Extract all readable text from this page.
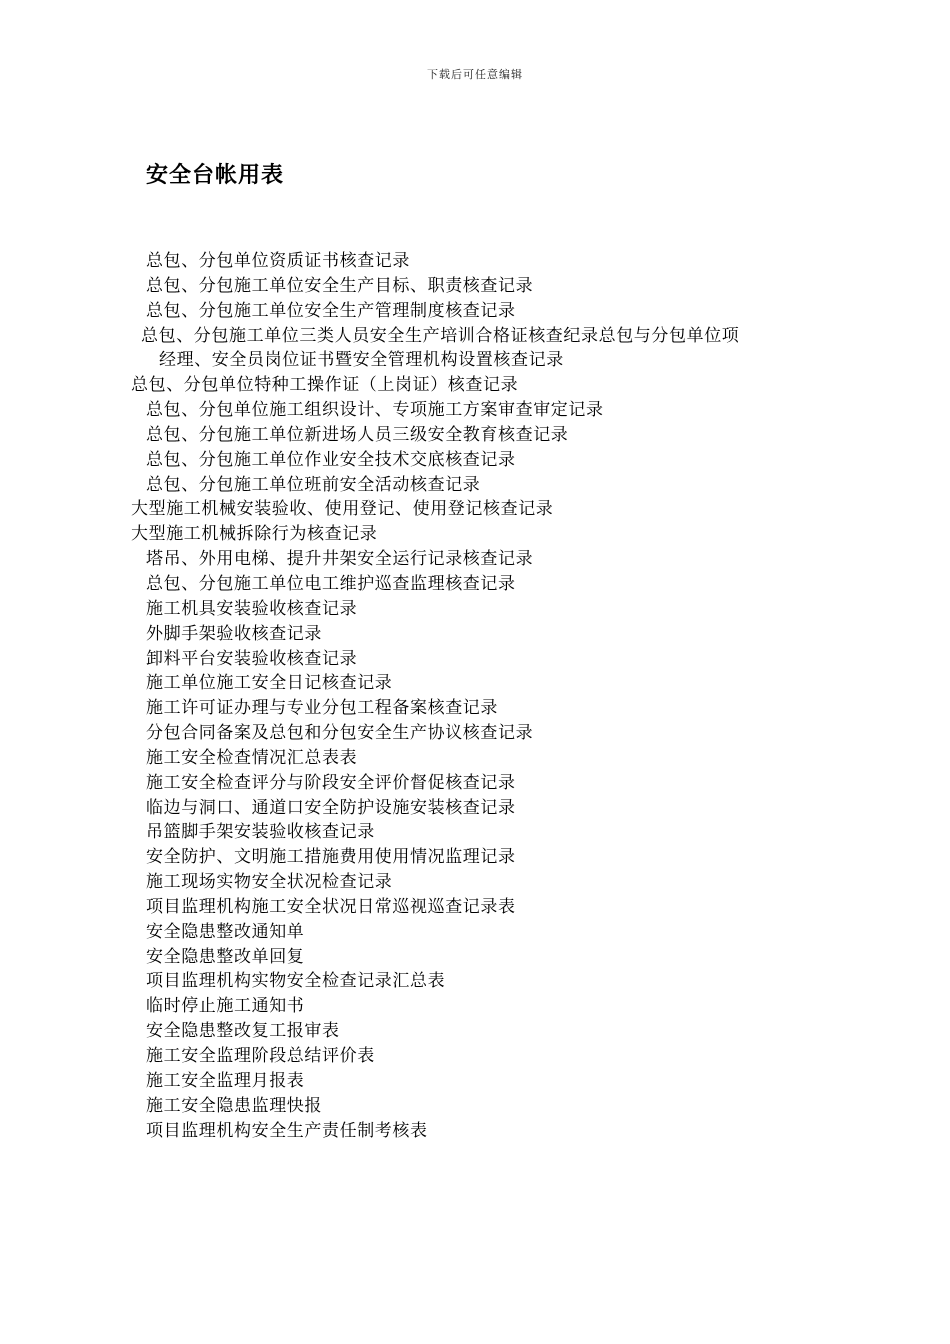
下载后可任意编辑
安全台帐用表
总包、分包单位资质证书核查记录
总包、分包施工单位安全生产目标、职责核查记录
总包、分包施工单位安全生产管理制度核查记录
总包、分包施工单位三类人员安全生产培训合格证核查纪录总包与分包单位项
经理、安全员岗位证书暨安全管理机构设置核查记录
总包、分包单位特种工操作证（上岗证）核查记录
总包、分包单位施工组织设计、专项施工方案审查审定记录
总包、分包施工单位新进场人员三级安全教育核查记录
总包、分包施工单位作业安全技术交底核查记录
总包、分包施工单位班前安全活动核查记录
大型施工机械安装验收、使用登记、使用登记核查记录
大型施工机械拆除行为核查记录
塔吊、外用电梯、提升井架安全运行记录核查记录
总包、分包施工单位电工维护巡查监理核查记录
施工机具安装验收核查记录
外脚手架验收核查记录
卸料平台安装验收核查记录
施工单位施工安全日记核查记录
施工许可证办理与专业分包工程备案核查记录
分包合同备案及总包和分包安全生产协议核查记录
施工安全检查情况汇总表表
施工安全检查评分与阶段安全评价督促核查记录
临边与洞口、通道口安全防护设施安装核查记录
吊篮脚手架安装验收核查记录
安全防护、文明施工措施费用使用情况监理记录
施工现场实物安全状况检查记录
项目监理机构施工安全状况日常巡视巡查记录表
安全隐患整改通知单
安全隐患整改单回复
项目监理机构实物安全检查记录汇总表
临时停止施工通知书
安全隐患整改复工报审表
施工安全监理阶段总结评价表
施工安全监理月报表
施工安全隐患监理快报
项目监理机构安全生产责任制考核表
